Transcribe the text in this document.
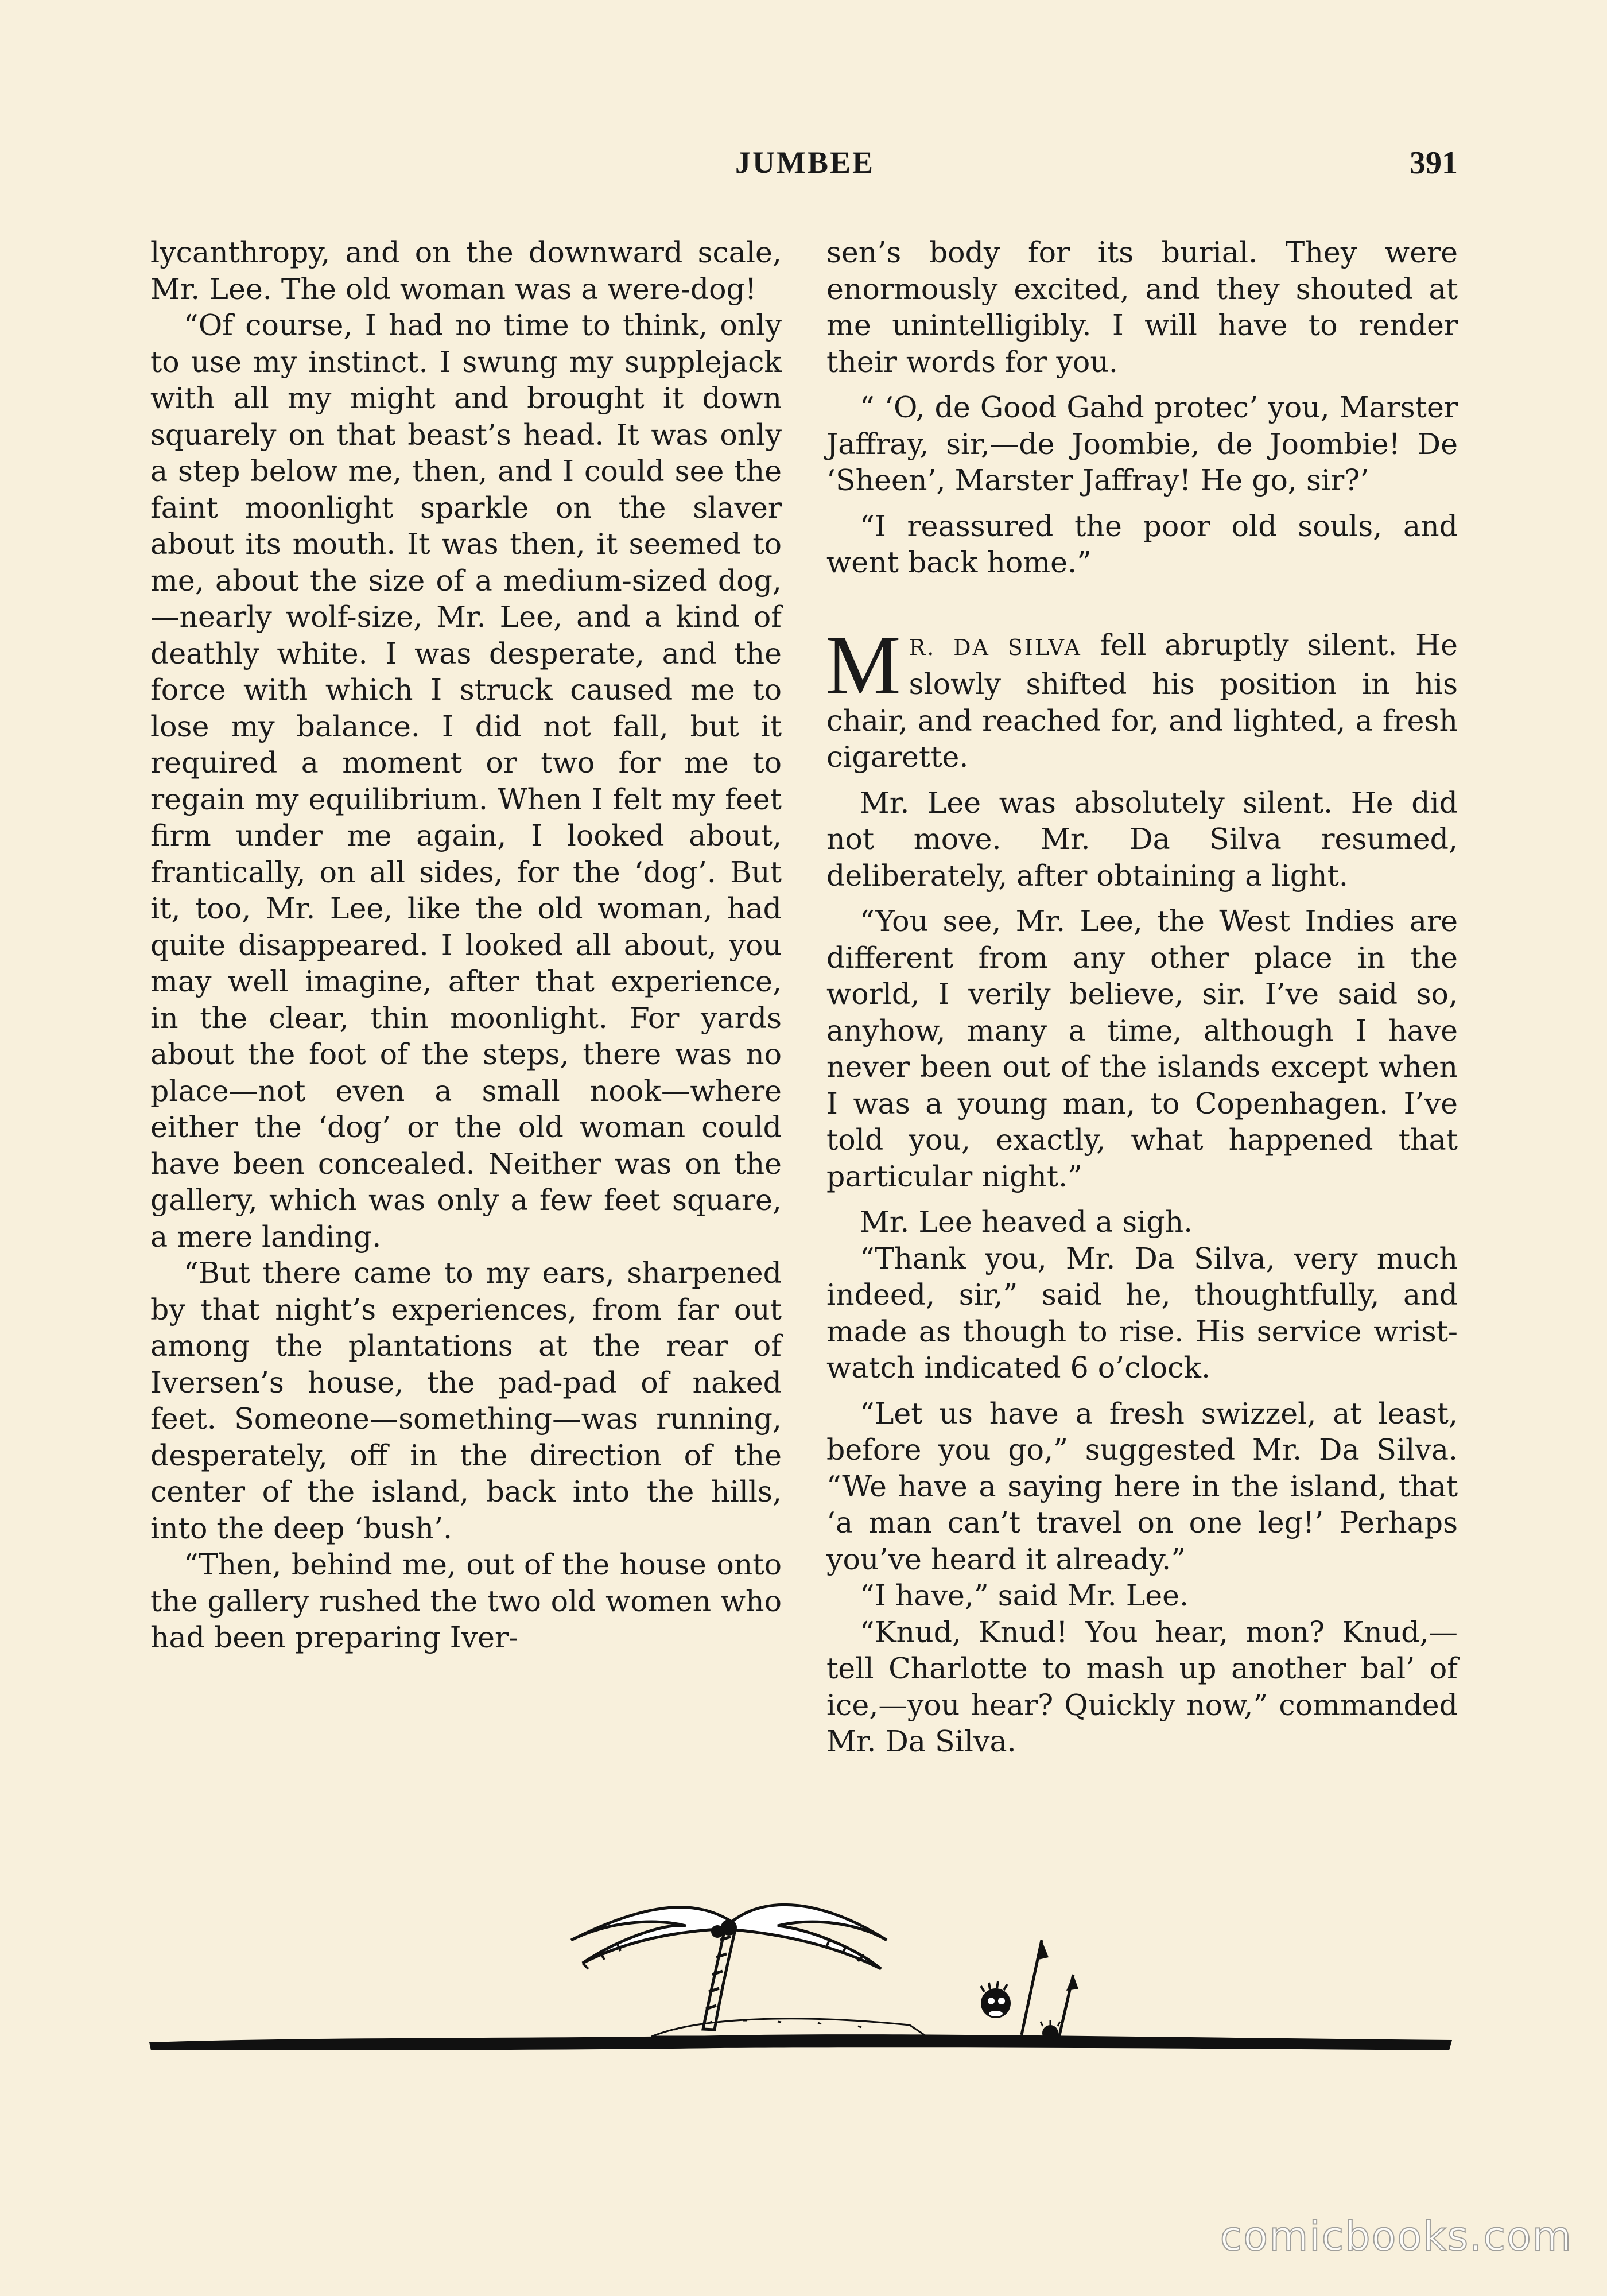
JUMBEE	391

lycanthropy, and on the downward scale, Mr. Lee. The old woman was a were-dog!

“Of course, I had no time to think, only to use my instinct. I swung my supplejack with all my might and brought it down squarely on that beast’s head. It was only a step below me, then, and I could see the faint moonlight sparkle on the slaver about its mouth. It was then, it seemed to me, about the size of a medium-sized dog,—nearly wolf-size, Mr. Lee, and a kind of deathly white. I was desperate, and the force with which I struck caused me to lose my balance. I did not fall, but it required a moment or two for me to regain my equilibrium. When I felt my feet firm under me again, I looked about, frantically, on all sides, for the ‘dog’. But it, too, Mr. Lee, like the old woman, had quite disappeared. I looked all about, you may well imagine, after that experience, in the clear, thin moonlight. For yards about the foot of the steps, there was no place—not even a small nook—where either the ‘dog’ or the old woman could have been concealed. Neither was on the gallery, which was only a few feet square, a mere landing.

“But there came to my ears, sharpened by that night’s experiences, from far out among the plantations at the rear of Iversen’s house, the pad-pad of naked feet. Someone—something—was running, desperately, off in the direction of the center of the island, back into the hills, into the deep ‘bush’.

“Then, behind me, out of the house onto the gallery rushed the two old women who had been preparing Iver-

sen’s body for its burial. They were enormously excited, and they shouted at me unintelligibly. I will have to render their words for you.

“ ‘O, de Good Gahd protec’ you, Marster Jaffray, sir,—de Joombie, de Joombie! De ‘Sheen’, Marster Jaffray! He go, sir?’

“I reassured the poor old souls, and went back home.”

MR. DA SILVA fell abruptly silent. He slowly shifted his position in his chair, and reached for, and lighted, a fresh cigarette.

Mr. Lee was absolutely silent. He did not move. Mr. Da Silva resumed, deliberately, after obtaining a light.

“You see, Mr. Lee, the West Indies are different from any other place in the world, I verily believe, sir. I’ve said so, anyhow, many a time, although I have never been out of the islands except when I was a young man, to Copenhagen. I’ve told you, exactly, what happened that particular night.”

Mr. Lee heaved a sigh.

“Thank you, Mr. Da Silva, very much indeed, sir,” said he, thoughtfully, and made as though to rise. His service wrist-watch indicated 6 o’clock.

“Let us have a fresh swizzel, at least, before you go,” suggested Mr. Da Silva. “We have a saying here in the island, that ‘a man can’t travel on one leg!’ Perhaps you’ve heard it already.”

“I have,” said Mr. Lee.

“Knud, Knud! You hear, mon? Knud,—tell Charlotte to mash up another bal’ of ice,—you hear? Quickly now,” commanded Mr. Da Silva.

comicbooks.com
